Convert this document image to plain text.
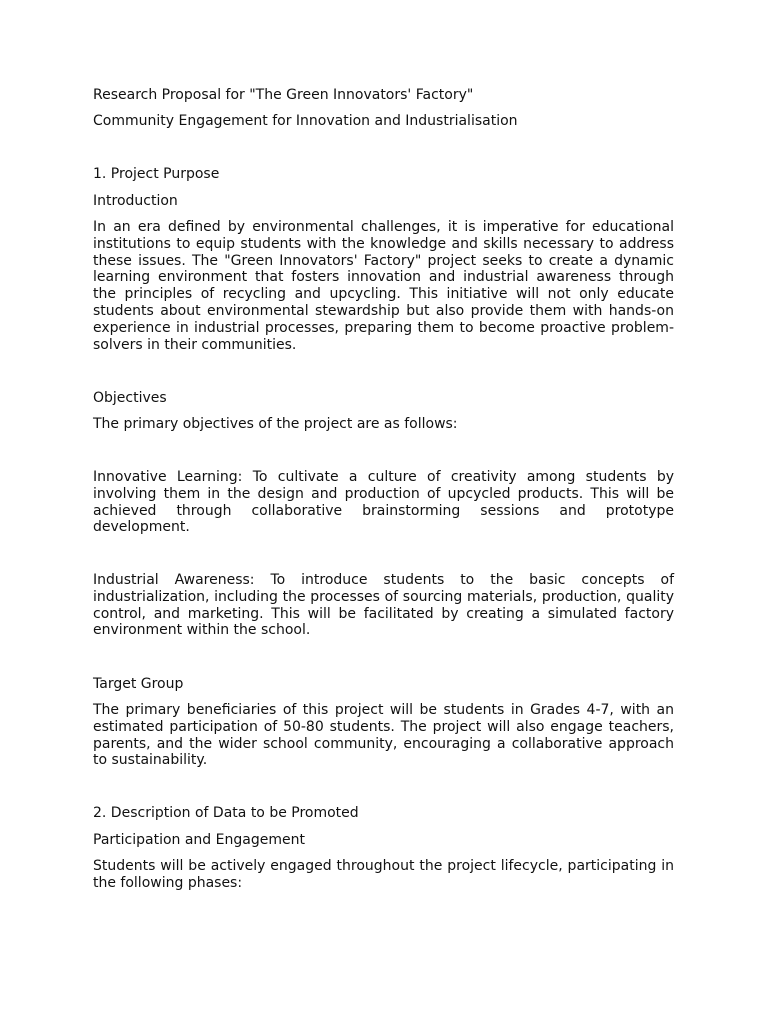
Research Proposal for "The Green Innovators' Factory"

Community Engagement for Innovation and Industrialisation

1. Project Purpose

Introduction

In an era defined by environmental challenges, it is imperative for educational institutions to equip students with the knowledge and skills necessary to address these issues. The "Green Innovators' Factory" project seeks to create a dynamic learning environment that fosters innovation and industrial awareness through the principles of recycling and upcycling. This initiative will not only educate students about environmental stewardship but also provide them with hands-on experience in industrial processes, preparing them to become proactive problem-solvers in their communities.

Objectives

The primary objectives of the project are as follows:

Innovative Learning: To cultivate a culture of creativity among students by involving them in the design and production of upcycled products. This will be achieved through collaborative brainstorming sessions and prototype development.

Industrial Awareness: To introduce students to the basic concepts of industrialization, including the processes of sourcing materials, production, quality control, and marketing. This will be facilitated by creating a simulated factory environment within the school.

Target Group

The primary beneficiaries of this project will be students in Grades 4-7, with an estimated participation of 50-80 students. The project will also engage teachers, parents, and the wider school community, encouraging a collaborative approach to sustainability.

2. Description of Data to be Promoted

Participation and Engagement

Students will be actively engaged throughout the project lifecycle, participating in the following phases:
